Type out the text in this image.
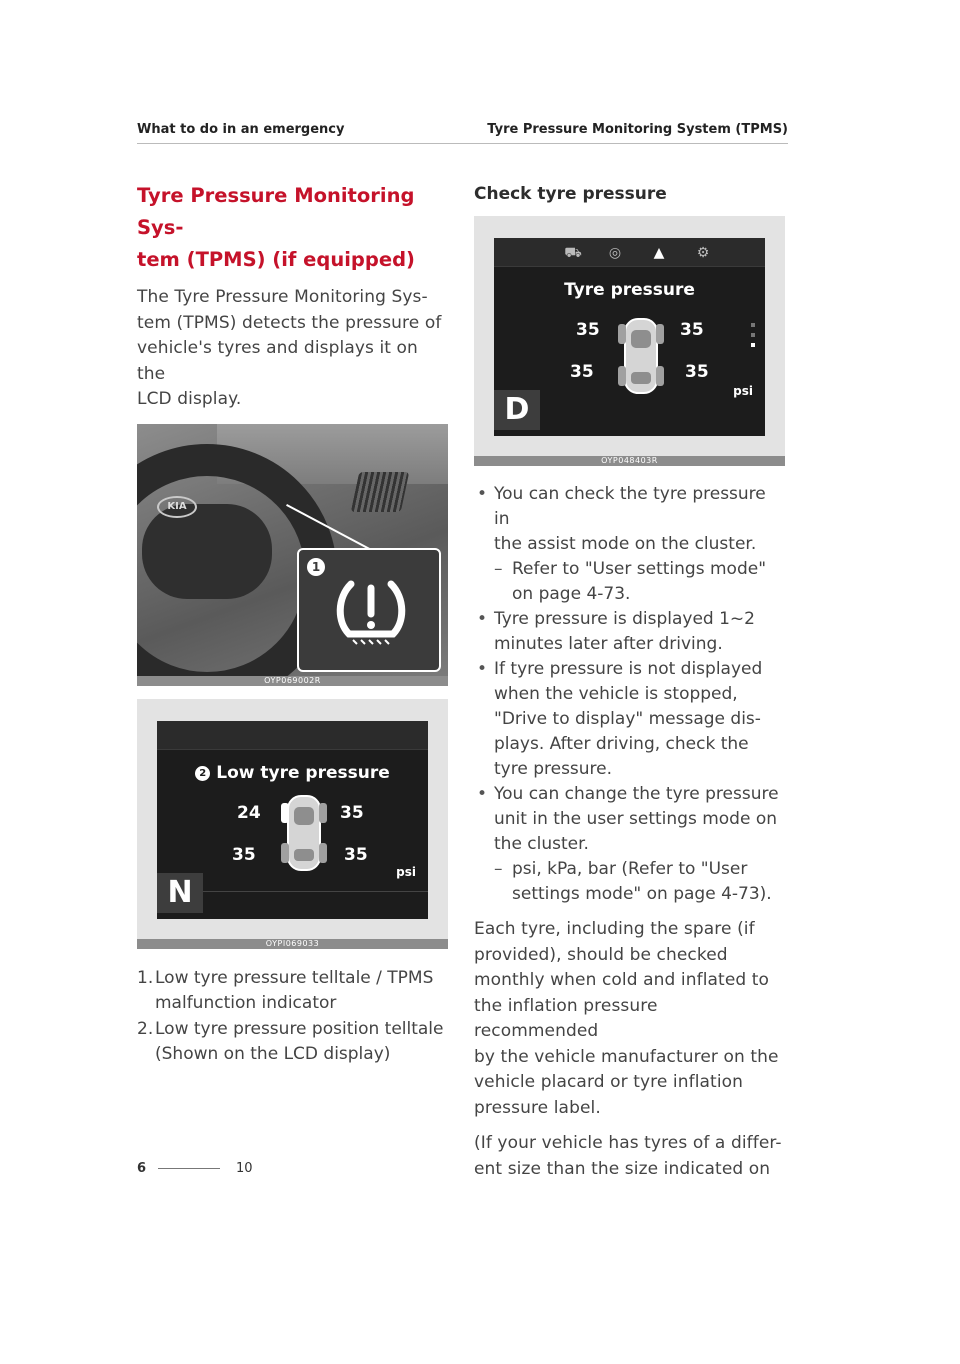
What to do in an emergency	Tyre Pressure Monitoring System (TPMS)
Tyre Pressure Monitoring Sys-
tem (TPMS) (if equipped)

The Tyre Pressure Monitoring Sys-
tem (TPMS) detects the pressure of
vehicle's tyres and displays it on the
LCD display.

KIA
1
OYP069002R
2 Low tyre pressure
24	35
35	35
psi
N
OYPI069033
1. Low tyre pressure telltale / TPMS
malfunction indicator
2. Low tyre pressure position telltale
(Shown on the LCD display)
Check tyre pressure
⛟ ◎ ▲ ⚙
Tyre pressure
35	35
35	35
psi
D
OYP048403R
• You can check the tyre pressure in
the assist mode on the cluster.
– Refer to "User settings mode"
on page 4-73.
• Tyre pressure is displayed 1~2
minutes later after driving.
• If tyre pressure is not displayed
when the vehicle is stopped,
"Drive to display" message dis-
plays. After driving, check the
tyre pressure.
• You can change the tyre pressure
unit in the user settings mode on
the cluster.
– psi, kPa, bar (Refer to "User
settings mode" on page 4-73).

Each tyre, including the spare (if
provided), should be checked
monthly when cold and inflated to
the inflation pressure recommended
by the vehicle manufacturer on the
vehicle placard or tyre inflation
pressure label.

(If your vehicle has tyres of a differ-
ent size than the size indicated on

6	10
